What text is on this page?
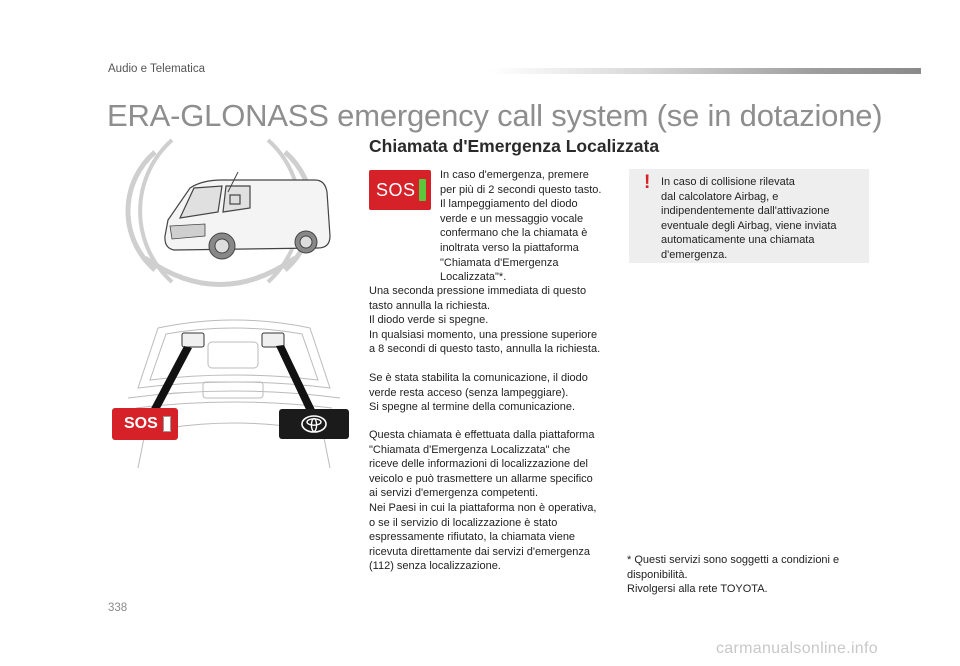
Audio e Telematica
ERA-GLONASS emergency call system (se in dotazione)
SOS
Chiamata d'Emergenza Localizzata
SOS
In caso d'emergenza, premere
per più di 2 secondi questo tasto.
Il lampeggiamento del diodo
verde e un messaggio vocale
confermano che la chiamata è
inoltrata verso la piattaforma
"Chiamata d'Emergenza
Localizzata"*.
Una seconda pressione immediata di questo
tasto annulla la richiesta.
Il diodo verde si spegne.
In qualsiasi momento, una pressione superiore
a 8 secondi di questo tasto, annulla la richiesta.
Se è stata stabilita la comunicazione, il diodo
verde resta acceso (senza lampeggiare).
Si spegne al termine della comunicazione.
Questa chiamata è effettuata dalla piattaforma
"Chiamata d'Emergenza Localizzata" che
riceve delle informazioni di localizzazione del
veicolo e può trasmettere un allarme specifico
ai servizi d'emergenza competenti.
Nei Paesi in cui la piattaforma non è operativa,
o se il servizio di localizzazione è stato
espressamente rifiutato, la chiamata viene
ricevuta direttamente dai servizi d'emergenza
(112) senza localizzazione.
! In caso di collisione rilevata
dal calcolatore Airbag, e
indipendentemente dall'attivazione
eventuale degli Airbag, viene inviata
automaticamente una chiamata
d'emergenza.
* Questi servizi sono soggetti a condizioni e
disponibilità.
Rivolgersi alla rete TOYOTA.
338
carmanualsonline.info
